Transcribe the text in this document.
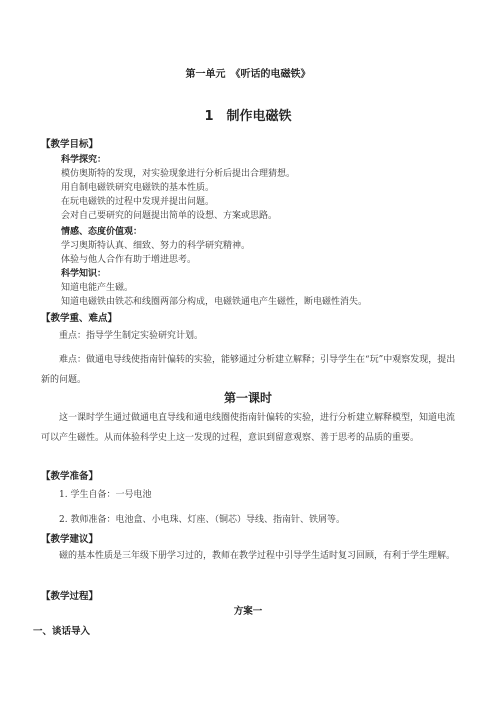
第一单元　《听话的电磁铁》
1　制作电磁铁
【教学目标】
科学探究：
模仿奥斯特的发现，对实验现象进行分析后提出合理猜想。
用自制电磁铁研究电磁铁的基本性质。
在玩电磁铁的过程中发现并提出问题。
会对自己要研究的问题提出简单的设想、方案或思路。
情感、态度价值观：
学习奥斯特认真、细致、努力的科学研究精神。
体验与他人合作有助于增进思考。
科学知识：
知道电能产生磁。
知道电磁铁由铁芯和线圈两部分构成，电磁铁通电产生磁性，断电磁性消失。
【教学重、难点】
重点：指导学生制定实验研究计划。
难点：做通电导线使指南针偏转的实验，能够通过分析建立解释；引导学生在“玩”中观察发现，提出新的问题。
第一课时
这一课时学生通过做通电直导线和通电线圈使指南针偏转的实验，进行分析建立解释模型，知道电流可以产生磁性。从而体验科学史上这一发现的过程，意识到留意观察、善于思考的品质的重要。
【教学准备】
1. 学生自备：一号电池
2. 教师准备：电池盒、小电珠、灯座、（铜芯）导线、指南针、铁屑等。
【教学建议】
磁的基本性质是三年级下册学习过的，教师在教学过程中引导学生适时复习回顾，有利于学生理解。
【教学过程】
方案一
一、谈话导入
